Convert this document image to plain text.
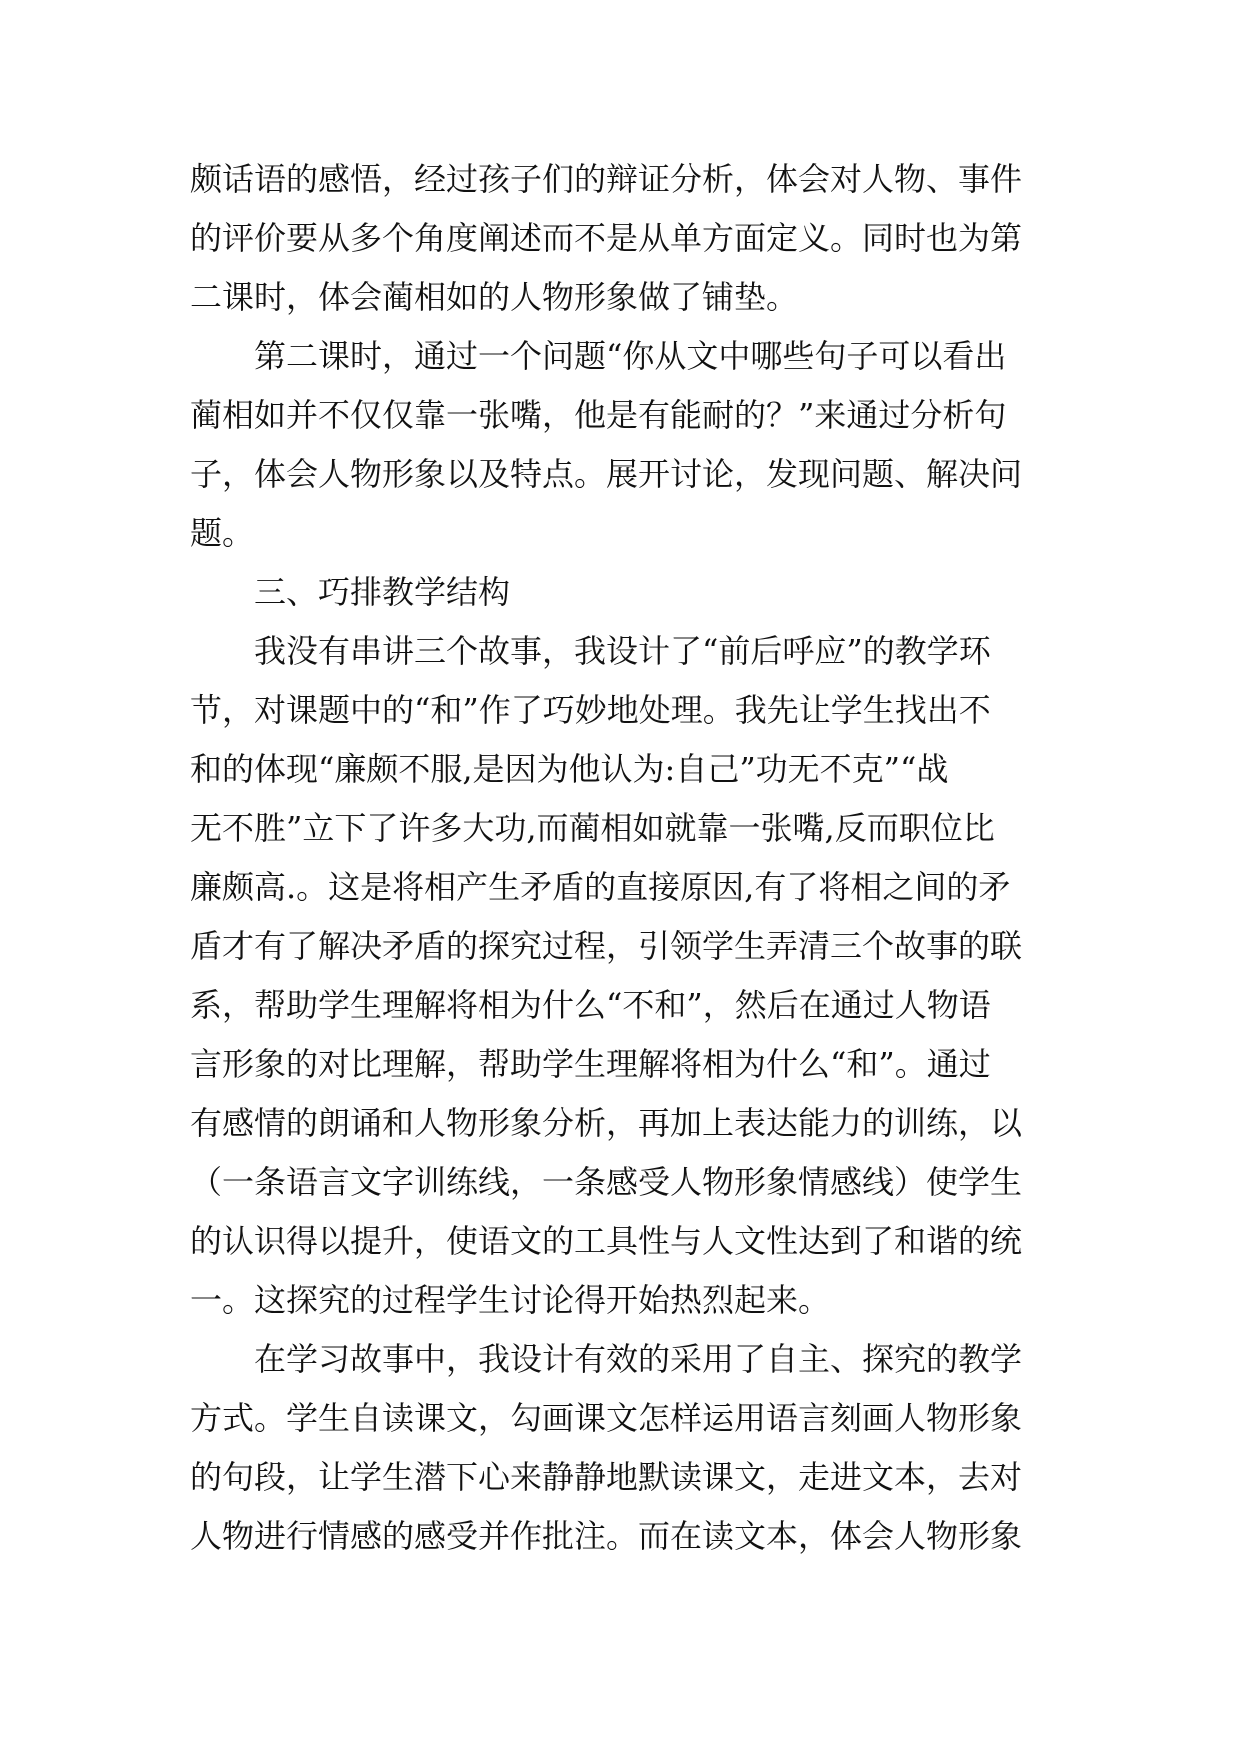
颇话语的感悟，经过孩子们的辩证分析，体会对人物、事件
的评价要从多个角度阐述而不是从单方面定义。同时也为第
二课时，体会蔺相如的人物形象做了铺垫。
第二课时，通过一个问题“你从文中哪些句子可以看出
蔺相如并不仅仅靠一张嘴，他是有能耐的？”来通过分析句
子，体会人物形象以及特点。展开讨论，发现问题、解决问
题。
三、巧排教学结构
我没有串讲三个故事，我设计了“前后呼应”的教学环
节，对课题中的“和”作了巧妙地处理。我先让学生找出不
和的体现“廉颇不服,是因为他认为:自己”功无不克”“战
无不胜”立下了许多大功,而蔺相如就靠一张嘴,反而职位比
廉颇高.。这是将相产生矛盾的直接原因,有了将相之间的矛
盾才有了解决矛盾的探究过程，引领学生弄清三个故事的联
系，帮助学生理解将相为什么“不和”，然后在通过人物语
言形象的对比理解，帮助学生理解将相为什么“和”。通过
有感情的朗诵和人物形象分析，再加上表达能力的训练，以
（一条语言文字训练线，一条感受人物形象情感线）使学生
的认识得以提升，使语文的工具性与人文性达到了和谐的统
一。这探究的过程学生讨论得开始热烈起来。
在学习故事中，我设计有效的采用了自主、探究的教学
方式。学生自读课文，勾画课文怎样运用语言刻画人物形象
的句段，让学生潜下心来静静地默读课文，走进文本，去对
人物进行情感的感受并作批注。而在读文本，体会人物形象
